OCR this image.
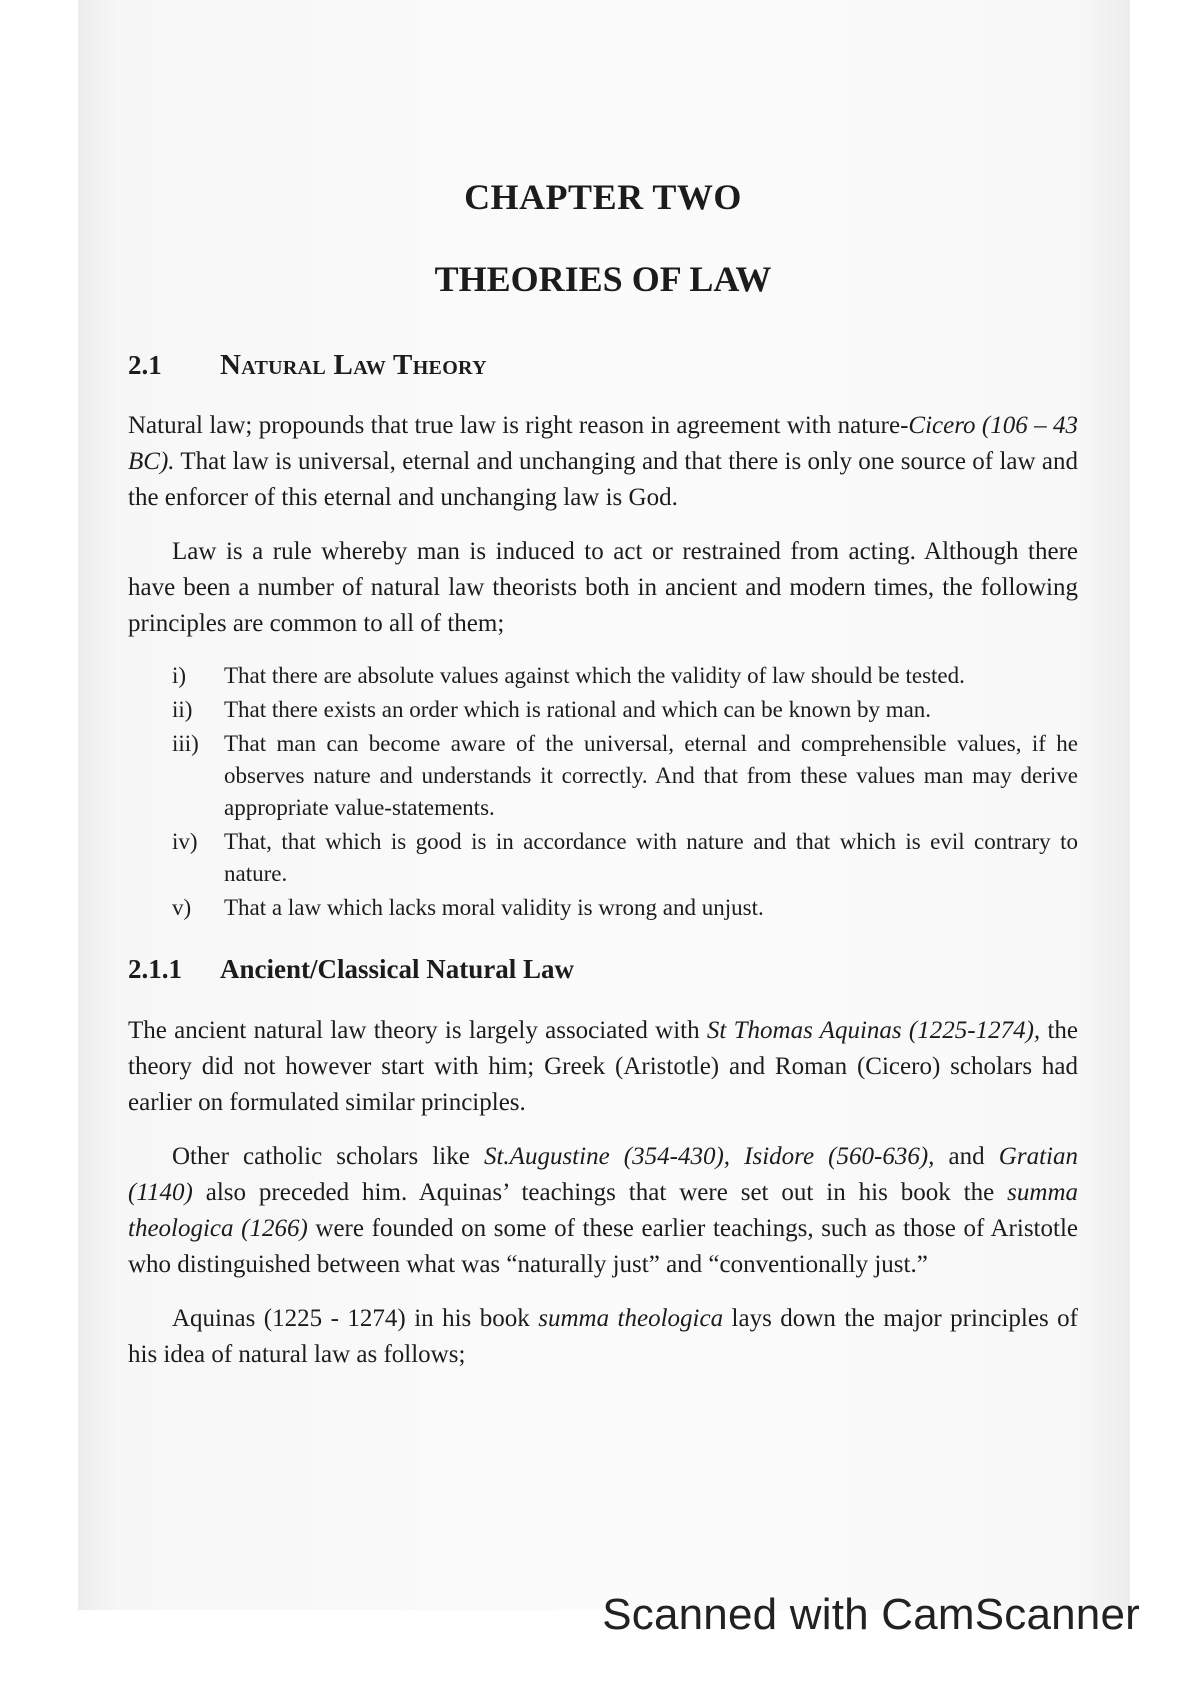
CHAPTER TWO
THEORIES OF LAW
2.1	Natural Law Theory

Natural law; propounds that true law is right reason in agreement with nature-Cicero (106 – 43 BC). That law is universal, eternal and unchanging and that there is only one source of law and the enforcer of this eternal and unchanging law is God.

Law is a rule whereby man is induced to act or restrained from acting. Although there have been a number of natural law theorists both in ancient and modern times, the following principles are common to all of them;

i)	That there are absolute values against which the validity of law should be tested.
ii)	That there exists an order which is rational and which can be known by man.
iii)	That man can become aware of the universal, eternal and comprehensible values, if he observes nature and understands it correctly. And that from these values man may derive appropriate value-statements.
iv)	That, that which is good is in accordance with nature and that which is evil contrary to nature.
v)	That a law which lacks moral validity is wrong and unjust.
2.1.1	Ancient/Classical Natural Law

The ancient natural law theory is largely associated with St Thomas Aquinas (1225-1274), the theory did not however start with him; Greek (Aristotle) and Roman (Cicero) scholars had earlier on formulated similar principles.

Other catholic scholars like St.Augustine (354-430), Isidore (560-636), and Gratian (1140) also preceded him. Aquinas’ teachings that were set out in his book the summa theologica (1266) were founded on some of these earlier teachings, such as those of Aristotle who distinguished between what was “naturally just” and “conventionally just.”

Aquinas (1225 - 1274) in his book summa theologica lays down the major principles of his idea of natural law as follows;

Scanned with CamScanner
